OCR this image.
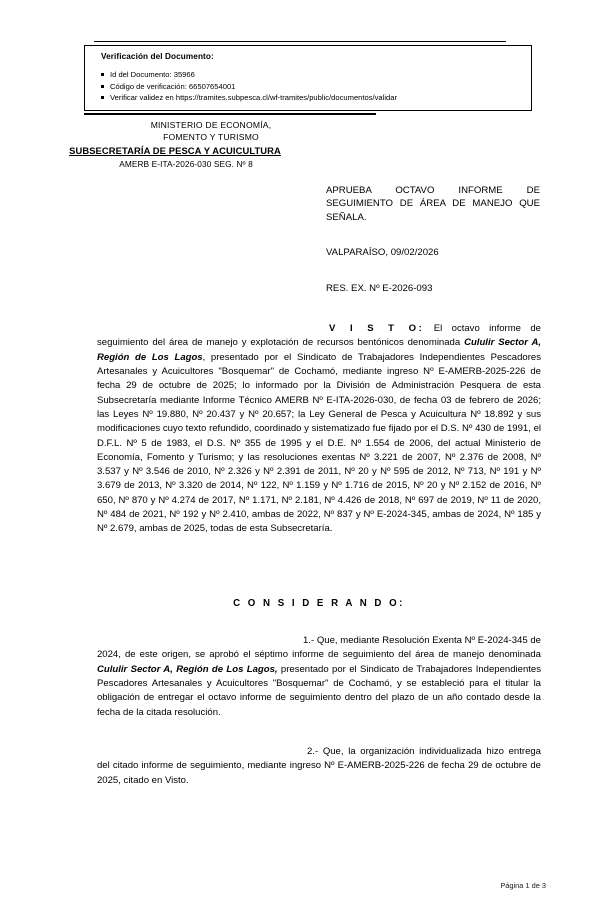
Verificación del Documento:
Id del Documento: 35966
Código de verificación: 66507654001
Verificar validez en https://tramites.subpesca.cl/wf-tramites/public/documentos/validar
MINISTERIO DE ECONOMÍA,
FOMENTO Y TURISMO
SUBSECRETARÍA DE PESCA Y ACUICULTURA
AMERB E-ITA-2026-030 SEG. Nº 8
APRUEBA OCTAVO INFORME DE SEGUIMIENTO DE ÁREA DE MANEJO QUE SEÑALA.
VALPARAÍSO, 09/02/2026
RES. EX. Nº E-2026-093

V I S T O: El octavo informe de seguimiento del área de manejo y explotación de recursos bentónicos denominada Cululir Sector A, Región de Los Lagos, presentado por el Sindicato de Trabajadores Independientes Pescadores Artesanales y Acuicultores "Bosquemar" de Cochamó, mediante ingreso Nº E-AMERB-2025-226 de fecha 29 de octubre de 2025; lo informado por la División de Administración Pesquera de esta Subsecretaría mediante Informe Técnico AMERB Nº E-ITA-2026-030, de fecha 03 de febrero de 2026; las Leyes Nº 19.880, Nº 20.437 y Nº 20.657; la Ley General de Pesca y Acuicultura Nº 18.892 y sus modificaciones cuyo texto refundido, coordinado y sistematizado fue fijado por el D.S. Nº 430 de 1991, el D.F.L. Nº 5 de 1983, el D.S. Nº 355 de 1995 y el D.E. Nº 1.554 de 2006, del actual Ministerio de Economía, Fomento y Turismo; y las resoluciones exentas Nº 3.221 de 2007, Nº 2.376 de 2008, Nº 3.537 y Nº 3.546 de 2010, Nº 2.326 y Nº 2.391 de 2011, Nº 20 y Nº 595 de 2012, Nº 713, Nº 191 y Nº 3.679 de 2013, Nº 3.320 de 2014, Nº 122, Nº 1.159 y Nº 1.716 de 2015, Nº 20 y Nº 2.152 de 2016, Nº 650, Nº 870 y Nº 4.274 de 2017, Nº 1.171, Nº 2.181, Nº 4.426 de 2018, Nº 697 de 2019, Nº 11 de 2020, Nº 484 de 2021, Nº 192 y Nº 2.410, ambas de 2022, Nº 837 y Nº E-2024-345, ambas de 2024, Nº 185 y Nº 2.679, ambas de 2025, todas de esta Subsecretaría.

C O N S I D E R A N D O:

1.- Que, mediante Resolución Exenta Nº E-2024-345 de 2024, de este origen, se aprobó el séptimo informe de seguimiento del área de manejo denominada Cululir Sector A, Región de Los Lagos, presentado por el Sindicato de Trabajadores Independientes Pescadores Artesanales y Acuicultores "Bosquemar" de Cochamó, y se estableció para el titular la obligación de entregar el octavo informe de seguimiento dentro del plazo de un año contado desde la fecha de la citada resolución.

2.- Que, la organización individualizada hizo entrega del citado informe de seguimiento, mediante ingreso Nº E-AMERB-2025-226 de fecha 29 de octubre de 2025, citado en Visto.

Página 1 de 3
